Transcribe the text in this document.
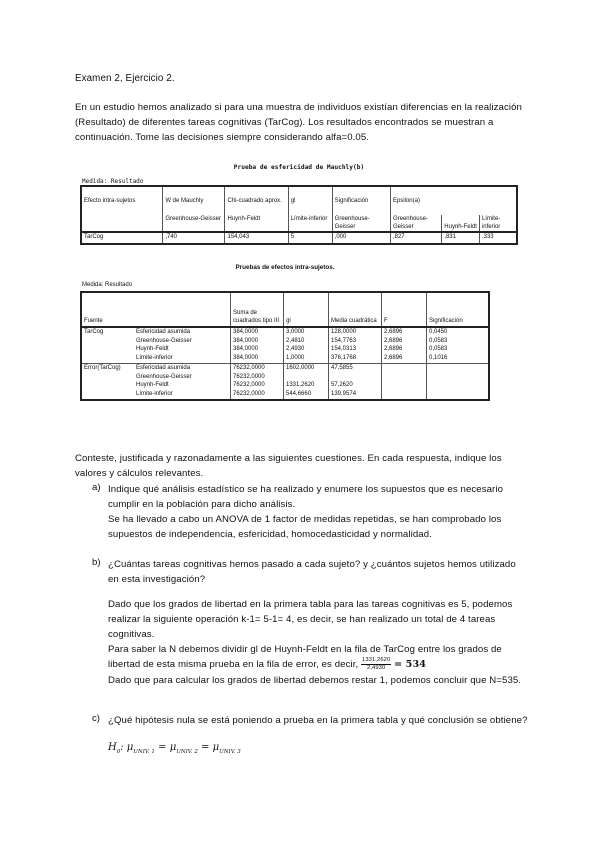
Examen 2, Ejercicio 2.
En un estudio hemos analizado si para una muestra de individuos existían diferencias en la realización (Resultado) de diferentes tareas cognitivas (TarCog). Los resultados encontrados se muestran a continuación. Tome las decisiones siempre considerando alfa=0.05.
Prueba de esfericidad de Mauchly(b)
Medida: Resultado
Efecto intra-sujetos	W de Mauchly	Chi-cuadrado aprox.	gl	Significación	Epsilon(a)		
	Greenhouse-Geisser	Huynh-Feldt	Límite-inferior	Greenhouse-Geisser	Greenhouse-Geisser	Huynh-Feldt	Límite-inferior
TarCog	,740	154,043	5	,000	,827	,831	,333
Pruebas de efectos intra-sujetos.
Medida: Resultado
Fuente		Suma de cuadrados tipo III	gl	Media cuadrática	F	Significación
TarCog	Esfericidad asumida	384,0000	3,0000	128,0000	2,6896	0,0450
	Greenhouse-Geisser	384,0000	2,4810	154,7763	2,6896	0,0583
	Huynh-Feldt	384,0000	2,4930	154,0313	2,6896	0,0583
	Límite-inferior	384,0000	1,0000	376,1768	2,6896	0,1016
Error(TarCog)	Esfericidad asumida	76232,0000	1602,0000	47,5855		
	Greenhouse-Geisser	76232,0000				
	Huynh-Feldt	76232,0000	1331,2620	57,2620		
	Límite-inferior	76232,0000	544,6660	139,9574		
Conteste, justificada y razonadamente a las siguientes cuestiones. En cada respuesta, indique los valores y cálculos relevantes.
a) Indique qué análisis estadístico se ha realizado y enumere los supuestos que es necesario cumplir en la población para dicho análisis.
Se ha llevado a cabo un ANOVA de 1 factor de medidas repetidas, se han comprobado los supuestos de independencia, esfericidad, homocedasticidad y normalidad.
b) ¿Cuántas tareas cognitivas hemos pasado a cada sujeto? y ¿cuántos sujetos hemos utilizado en esta investigación?
Dado que los grados de libertad en la primera tabla para las tareas cognitivas es 5, podemos realizar la siguiente operación k-1= 5-1= 4, es decir, se han realizado un total de 4 tareas cognitivas.
Para saber la N debemos dividir gl de Huynh-Feldt en la fila de TarCog entre los grados de libertad de esta misma prueba en la fila de error, es decir, $\frac{1331,2620}{2,4930} = 534$
Dado que para calcular los grados de libertad debemos restar 1, podemos concluir que N=535.
c) ¿Qué hipótesis nula se está poniendo a prueba en la primera tabla y qué conclusión se obtiene?
$H_0$: $\mu_{UNIV. 1} = \mu_{UNIV. 2} = \mu_{UNIV. 3}$
